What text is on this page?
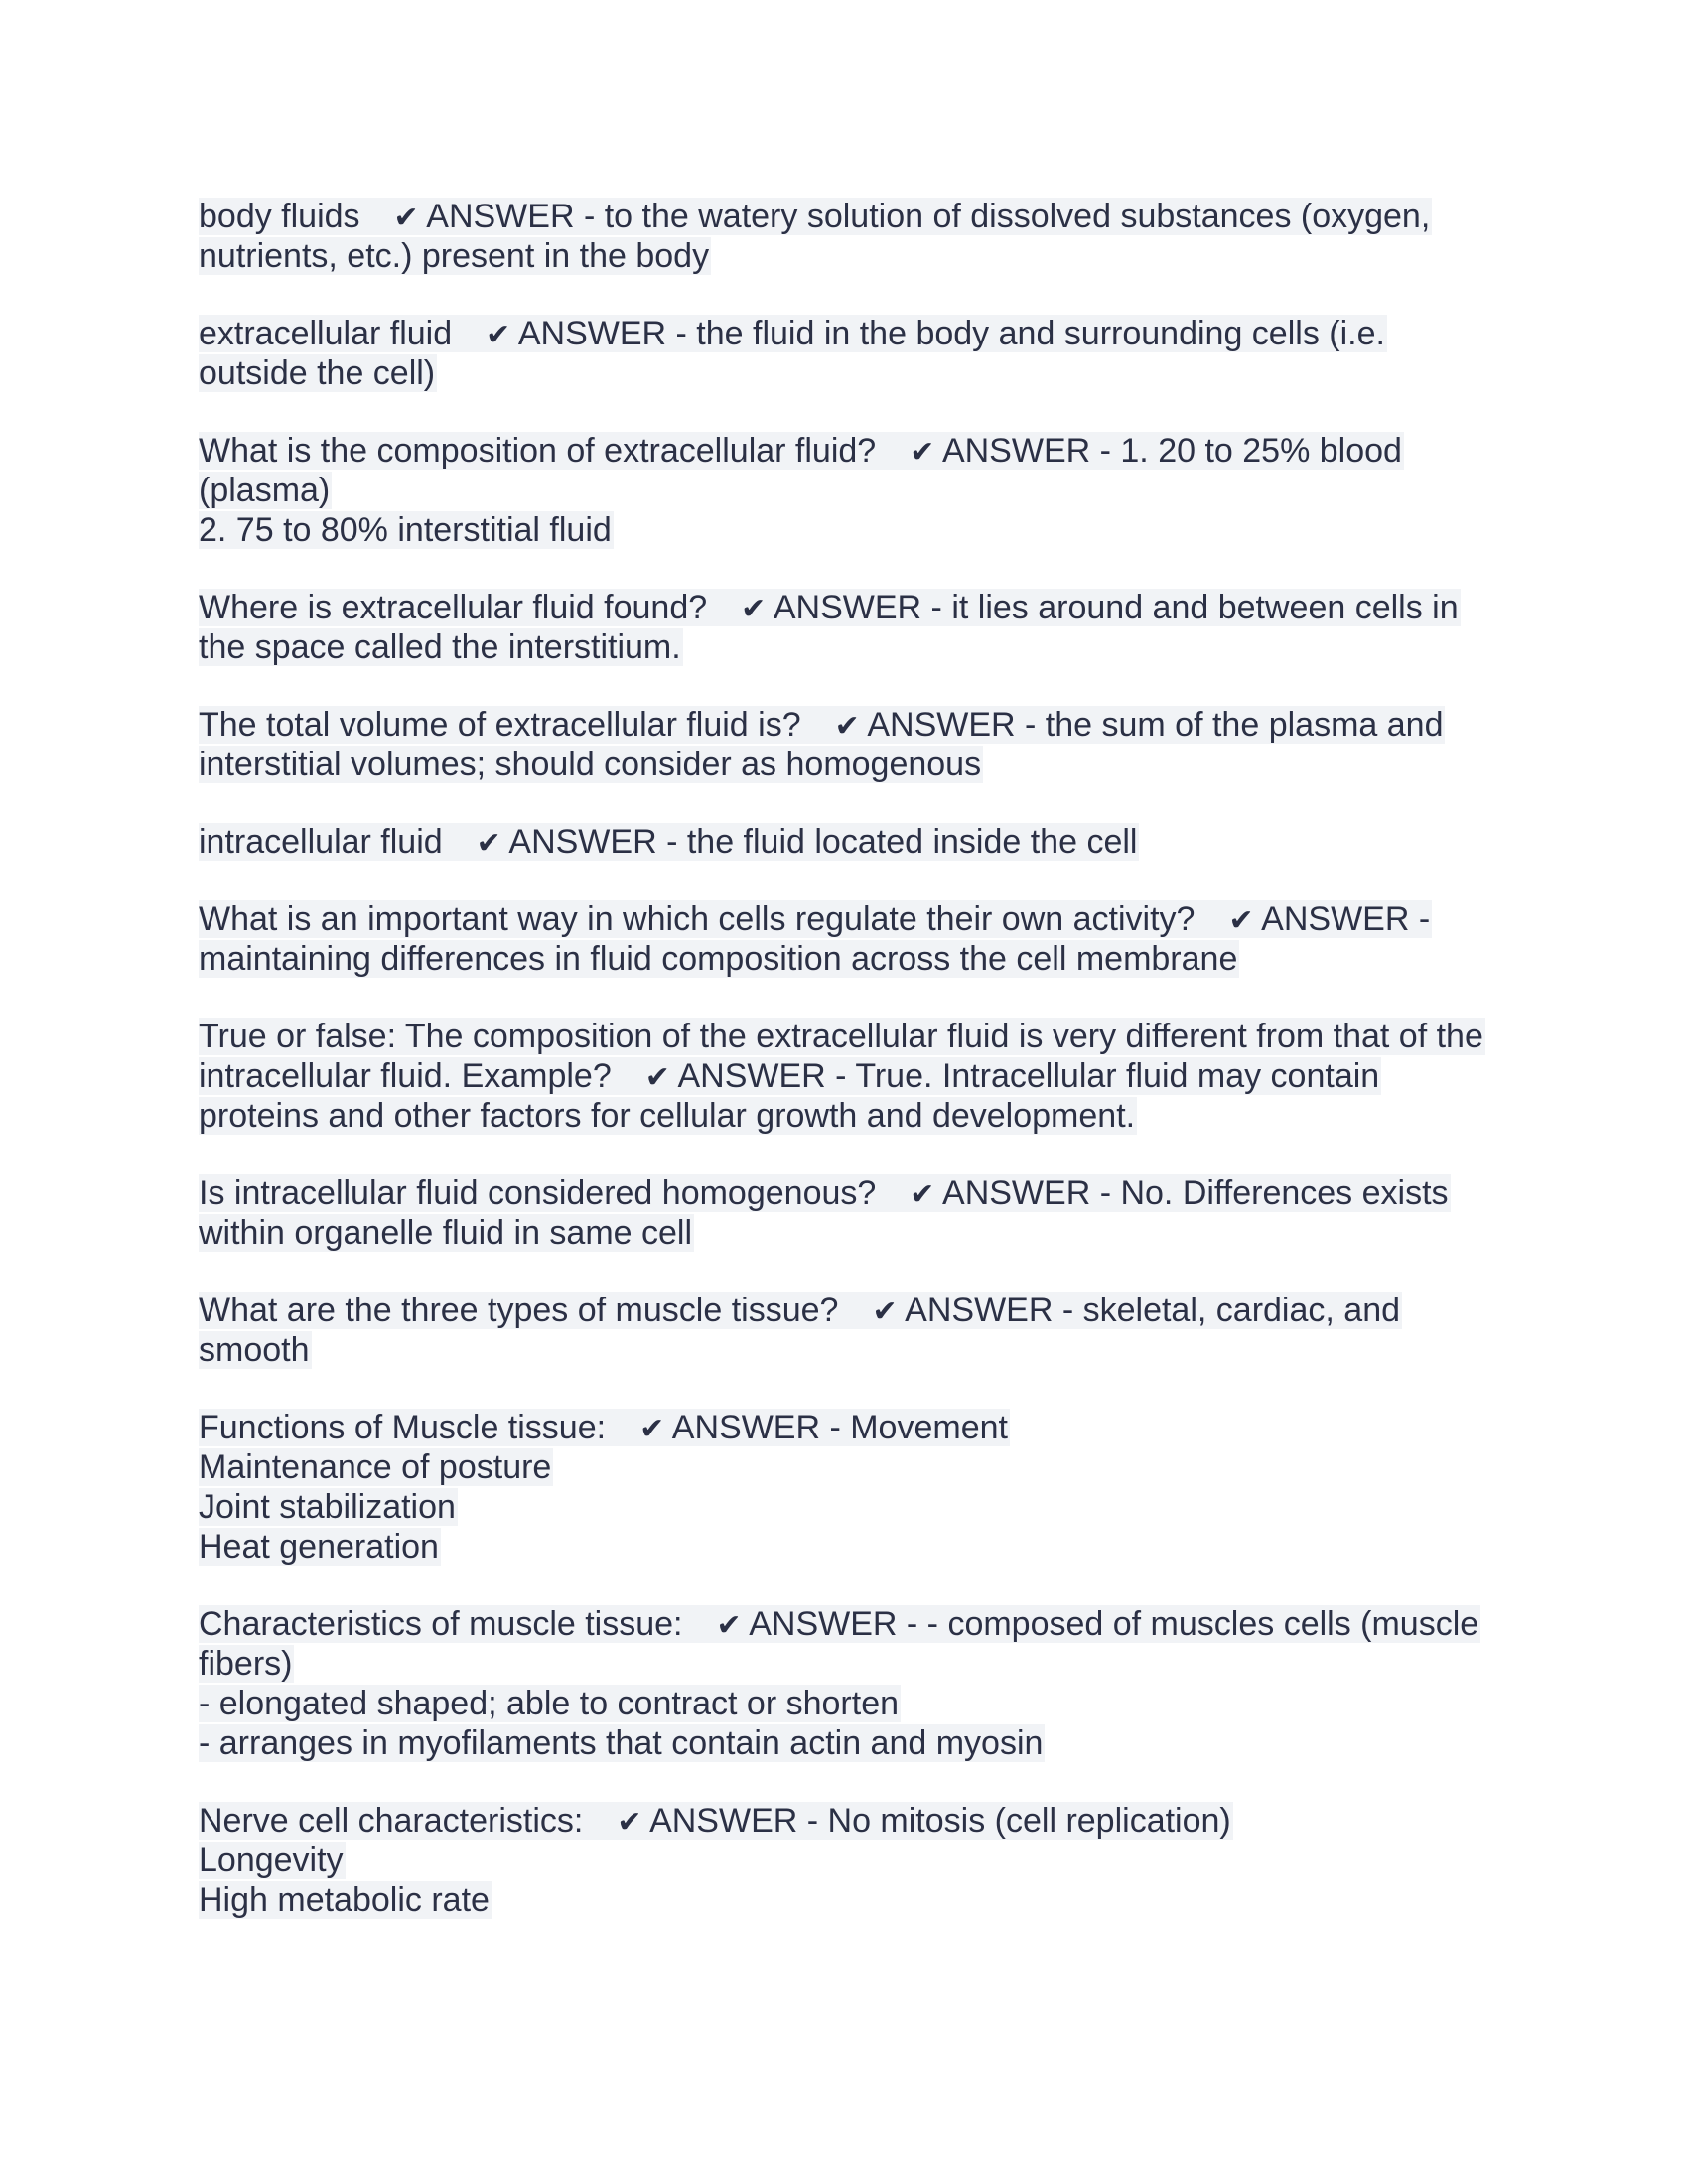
body fluids ✔ ANSWER - to the watery solution of dissolved substances (oxygen,
nutrients, etc.) present in the body
extracellular fluid ✔ ANSWER - the fluid in the body and surrounding cells (i.e.
outside the cell)
What is the composition of extracellular fluid? ✔ ANSWER - 1. 20 to 25% blood
(plasma)
2. 75 to 80% interstitial fluid
Where is extracellular fluid found? ✔ ANSWER - it lies around and between cells in
the space called the interstitium.
The total volume of extracellular fluid is? ✔ ANSWER - the sum of the plasma and
interstitial volumes; should consider as homogenous
intracellular fluid ✔ ANSWER - the fluid located inside the cell
What is an important way in which cells regulate their own activity? ✔ ANSWER -
maintaining differences in fluid composition across the cell membrane
True or false: The composition of the extracellular fluid is very different from that of the
intracellular fluid. Example? ✔ ANSWER - True. Intracellular fluid may contain
proteins and other factors for cellular growth and development.
Is intracellular fluid considered homogenous? ✔ ANSWER - No. Differences exists
within organelle fluid in same cell
What are the three types of muscle tissue? ✔ ANSWER - skeletal, cardiac, and
smooth
Functions of Muscle tissue: ✔ ANSWER - Movement
Maintenance of posture
Joint stabilization
Heat generation
Characteristics of muscle tissue: ✔ ANSWER - - composed of muscles cells (muscle
fibers)
- elongated shaped; able to contract or shorten
- arranges in myofilaments that contain actin and myosin
Nerve cell characteristics: ✔ ANSWER - No mitosis (cell replication)
Longevity
High metabolic rate
